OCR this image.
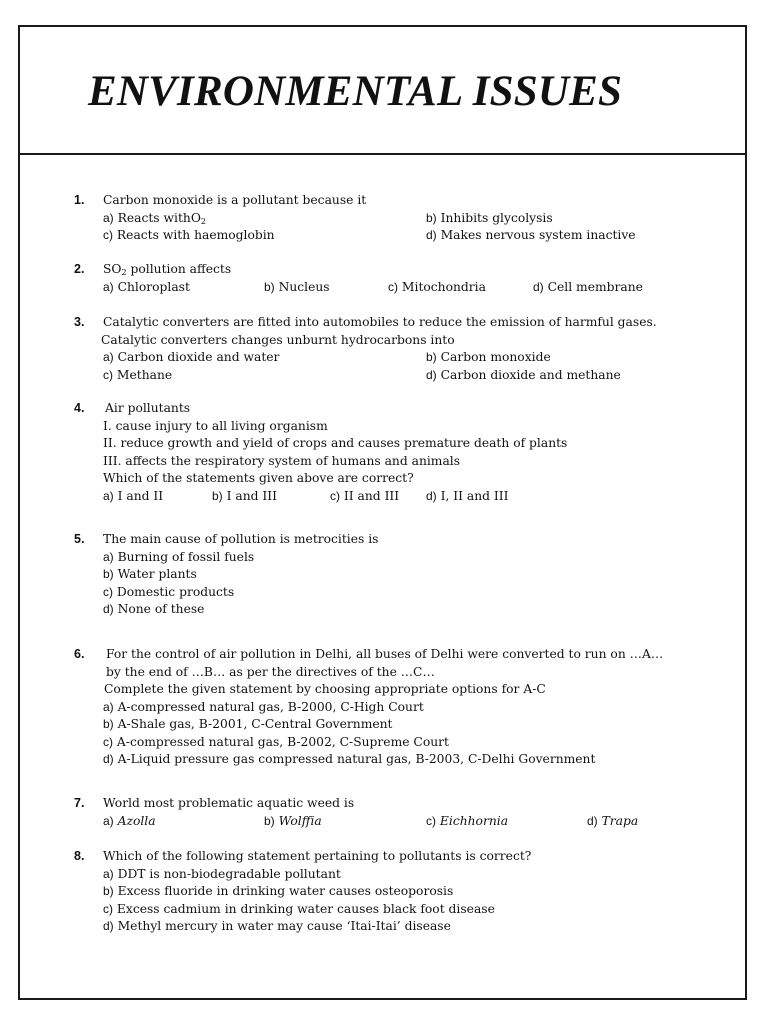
ENVIRONMENTAL ISSUES
1. Carbon monoxide is a pollutant because it
a) Reacts withO$_2$	b) Inhibits glycolysis
c) Reacts with haemoglobin	d) Makes nervous system inactive
2. $SO_2$ pollution affects
a) Chloroplast	b) Nucleus	c) Mitochondria	d) Cell membrane
3. Catalytic converters are fitted into automobiles to reduce the emission of harmful gases.
Catalytic converters changes unburnt hydrocarbons into
a) Carbon dioxide and water	b) Carbon monoxide
c) Methane	d) Carbon dioxide and methane
4. Air pollutants
I. cause injury to all living organism
II. reduce growth and yield of crops and causes premature death of plants
III. affects the respiratory system of humans and animals
Which of the statements given above are correct?
a) I and II	b) I and III	c) II and III d) I, II and III
5. The main cause of pollution is metrocities is
a) Burning of fossil fuels
b) Water plants
c) Domestic products
d) None of these
6. For the control of air pollution in Delhi, all buses of Delhi were converted to run on …A…
by the end of …B… as per the directives of the …C…
Complete the given statement by choosing appropriate options for A-C
a) A-compressed natural gas, B-2000, C-High Court
b) A-Shale gas, B-2001, C-Central Government
c) A-compressed natural gas, B-2002, C-Supreme Court
d) A-Liquid pressure gas compressed natural gas, B-2003, C-Delhi Government
7. World most problematic aquatic weed is
a) Azolla	b) Wolffia	c) Eichhornia	d) Trapa
8. Which of the following statement pertaining to pollutants is correct?
a) DDT is non-biodegradable pollutant
b) Excess fluoride in drinking water causes osteoporosis
c) Excess cadmium in drinking water causes black foot disease
d) Methyl mercury in water may cause ‘Itai-Itai’ disease
